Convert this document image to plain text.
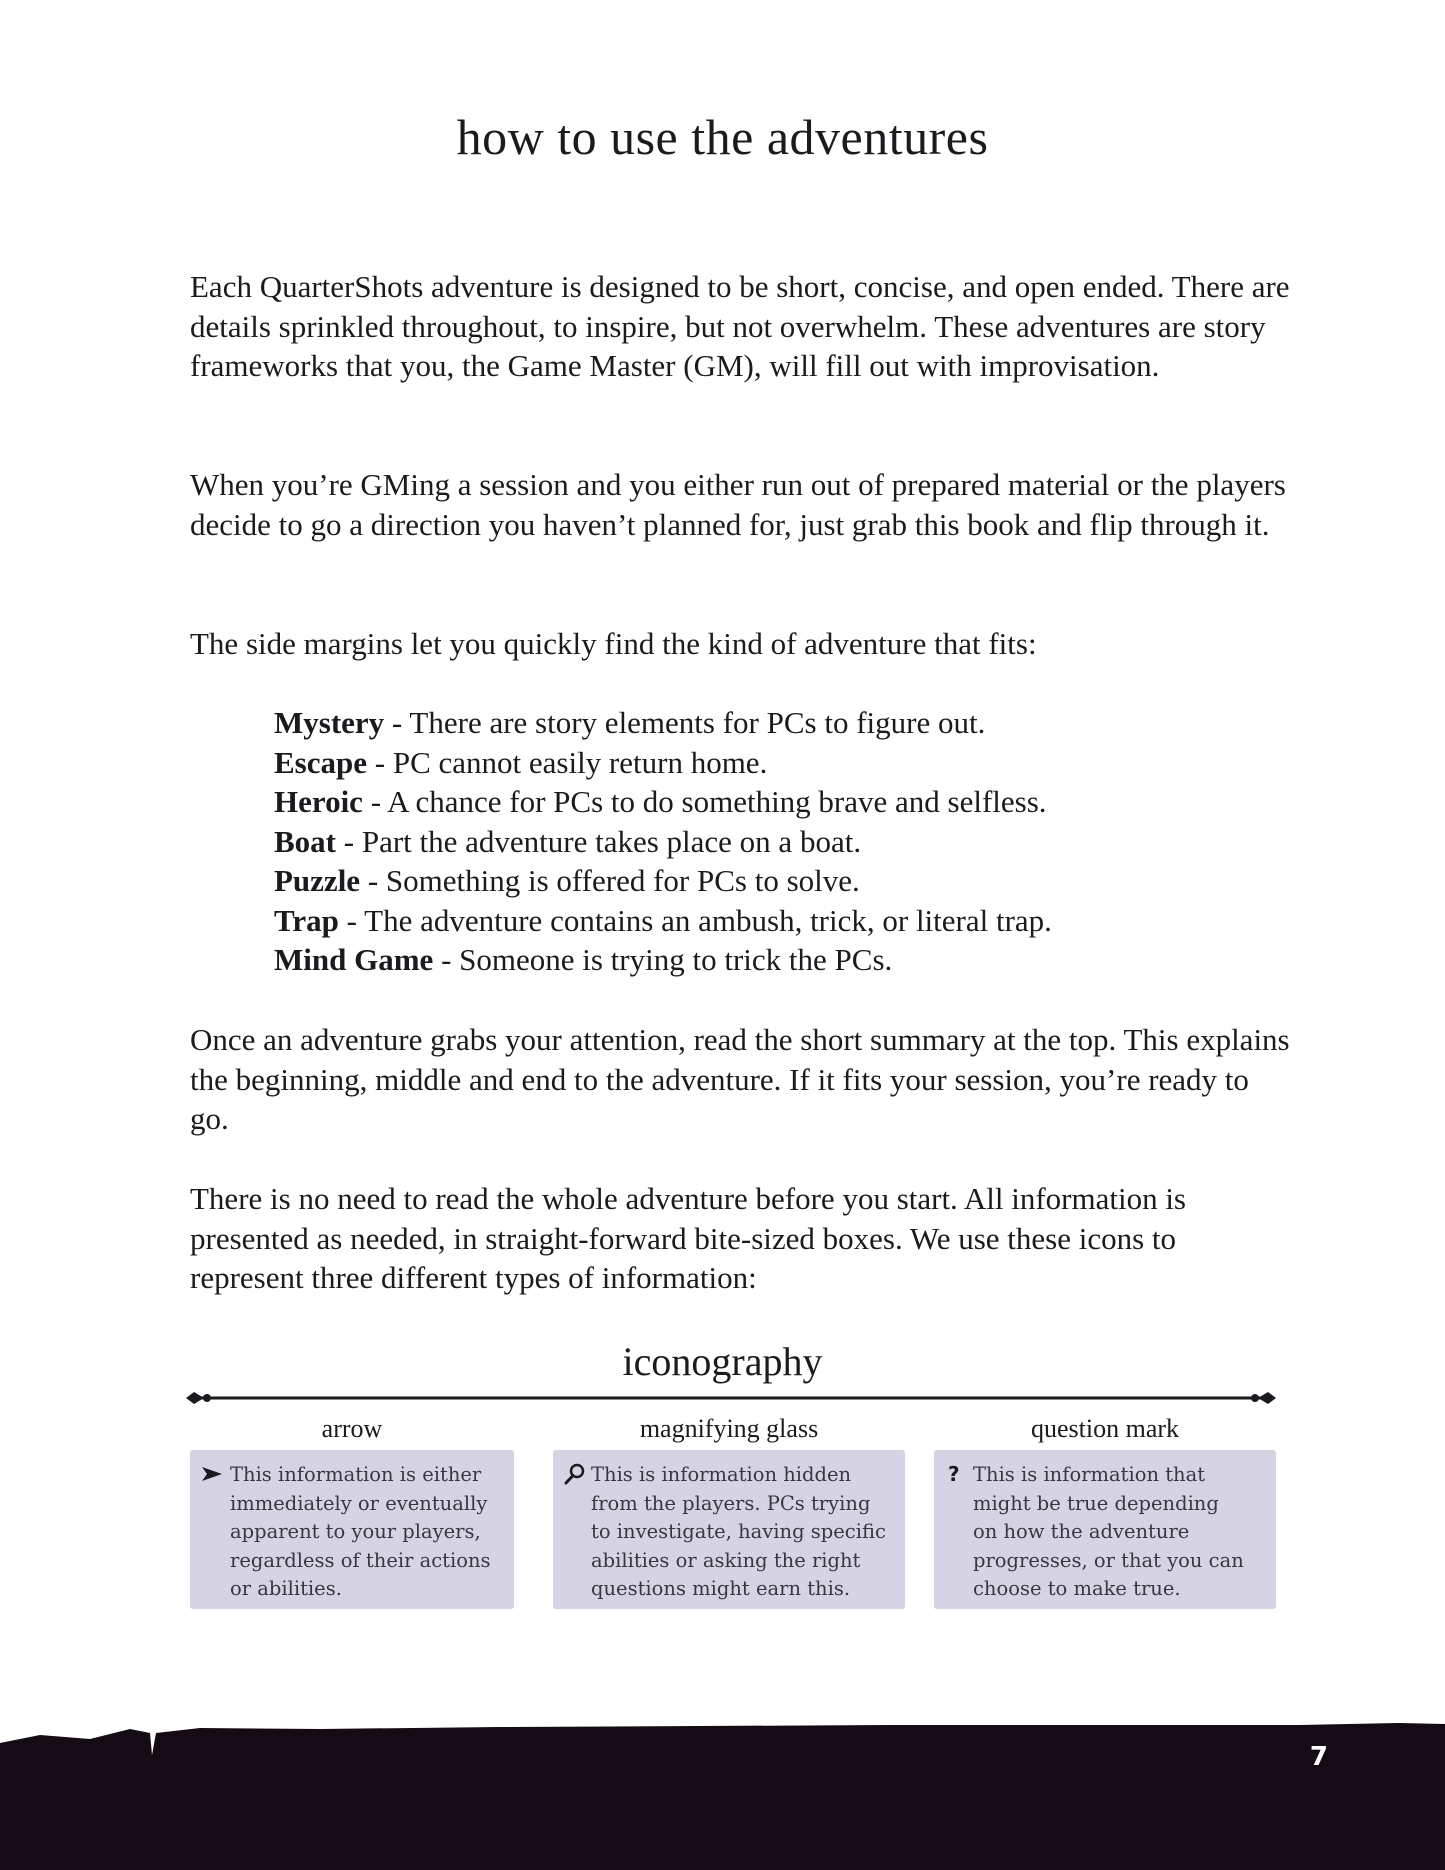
how to use the adventures

Each QuarterShots adventure is designed to be short, concise, and open ended. There are details sprinkled throughout, to inspire, but not overwhelm. These adventures are story frameworks that you, the Game Master (GM), will fill out with improvisation.

When you’re GMing a session and you either run out of prepared material or the players decide to go a direction you haven’t planned for, just grab this book and flip through it.

The side margins let you quickly find the kind of adventure that fits:

Mystery - There are story elements for PCs to figure out.
Escape - PC cannot easily return home.
Heroic - A chance for PCs to do something brave and selfless.
Boat - Part the adventure takes place on a boat.
Puzzle - Something is offered for PCs to solve.
Trap - The adventure contains an ambush, trick, or literal trap.
Mind Game - Someone is trying to trick the PCs.

Once an adventure grabs your attention, read the short summary at the top. This explains the beginning, middle and end to the adventure. If it fits your session, you’re ready to go.

There is no need to read the whole adventure before you start. All information is presented as needed, in straight-forward bite-sized boxes. We use these icons to represent three different types of information:

iconography
arrow	magnifying glass	question mark
This information is either
immediately or eventually
apparent to your players,
regardless of their actions
or abilities.
This is information hidden
from the players. PCs trying
to investigate, having specific
abilities or asking the right
questions might earn this.
? This is information that
might be true depending
on how the adventure
progresses, or that you can
choose to make true.
7
